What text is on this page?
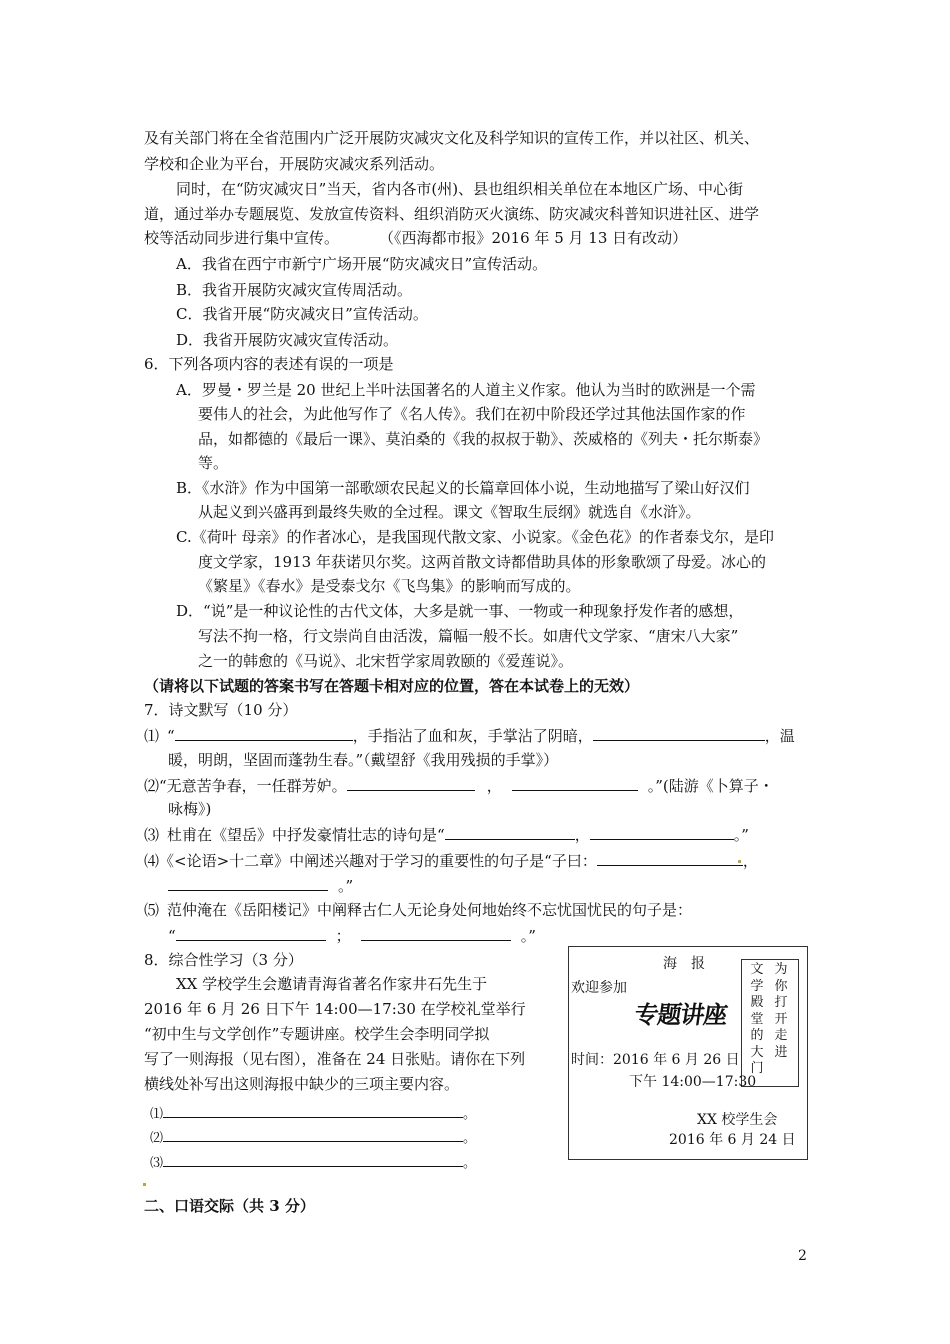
及有关部门将在全省范围内广泛开展防灾减灾文化及科学知识的宣传工作，并以社区、机关、
学校和企业为平台，开展防灾减灾系列活动。
同时，在“防灾减灾日”当天，省内各市(州)、县也组织相关单位在本地区广场、中心街
道，通过举办专题展览、发放宣传资料、组织消防灭火演练、防灾减灾科普知识进社区、进学
校等活动同步进行集中宣传。	（《西海都市报》2016 年 5 月 13 日有改动）
A．我省在西宁市新宁广场开展“防灾减灾日”宣传活动。
B．我省开展防灾减灾宣传周活动。
C．我省开展“防灾减灾日”宣传活动。
D．我省开展防灾减灾宣传活动。
6．下列各项内容的表述有误的一项是
A．罗曼・罗兰是 20 世纪上半叶法国著名的人道主义作家。他认为当时的欧洲是一个需
要伟人的社会，为此他写作了《名人传》。我们在初中阶段还学过其他法国作家的作
品，如都德的《最后一课》、莫泊桑的《我的叔叔于勒》、茨威格的《列夫・托尔斯泰》
等。
B．《水浒》作为中国第一部歌颂农民起义的长篇章回体小说，生动地描写了梁山好汉们
从起义到兴盛再到最终失败的全过程。课文《智取生辰纲》就选自《水浒》。
C.《荷叶 母亲》的作者冰心，是我国现代散文家、小说家。《金色花》的作者泰戈尔，是印
度文学家，1913 年获诺贝尔奖。这两首散文诗都借助具体的形象歌颂了母爱。冰心的
《繁星》《春水》是受泰戈尔《飞鸟集》的影响而写成的。
D．“说”是一种议论性的古代文体，大多是就一事、一物或一种现象抒发作者的感想，
写法不拘一格，行文崇尚自由活泼，篇幅一般不长。如唐代文学家、“唐宋八大家”
之一的韩愈的《马说》、北宋哲学家周敦颐的《爱莲说》。
（请将以下试题的答案书写在答题卡相对应的位置，答在本试卷上的无效）
7．诗文默写（10 分）
⑴ “	，手指沾了血和灰，手掌沾了阴暗，	，温
暖，明朗，坚固而蓬勃生春。”（戴望舒《我用残损的手掌》）
⑵“无意苦争春，一任群芳妒。	，	。”(陆游《卜算子・
咏梅》)
⑶ 杜甫在《望岳》中抒发豪情壮志的诗句是“	，	。”
⑷《<论语>十二章》中阐述兴趣对于学习的重要性的句子是“子曰：	，
。”
⑸ 范仲淹在《岳阳楼记》中阐释古仁人无论身处何地始终不忘忧国忧民的句子是：
“	；	。”
8．综合性学习（3 分）
XX 学校学生会邀请青海省著名作家井石先生于
2016 年 6 月 26 日下午 14:00—17:30 在学校礼堂举行
“初中生与文学创作”专题讲座。校学生会李明同学拟
写了一则海报（见右图），准备在 24 日张贴。请你在下列
横线处补写出这则海报中缺少的三项主要内容。
⑴	。
⑵	。
⑶	。
海　报
欢迎参加
专题讲座
为你打开走进
文学殿堂的大门
时间：2016 年 6 月 26 日
下午 14:00—17:30
XX 校学生会
2016 年 6 月 24 日
二、口语交际（共 3 分）
2
